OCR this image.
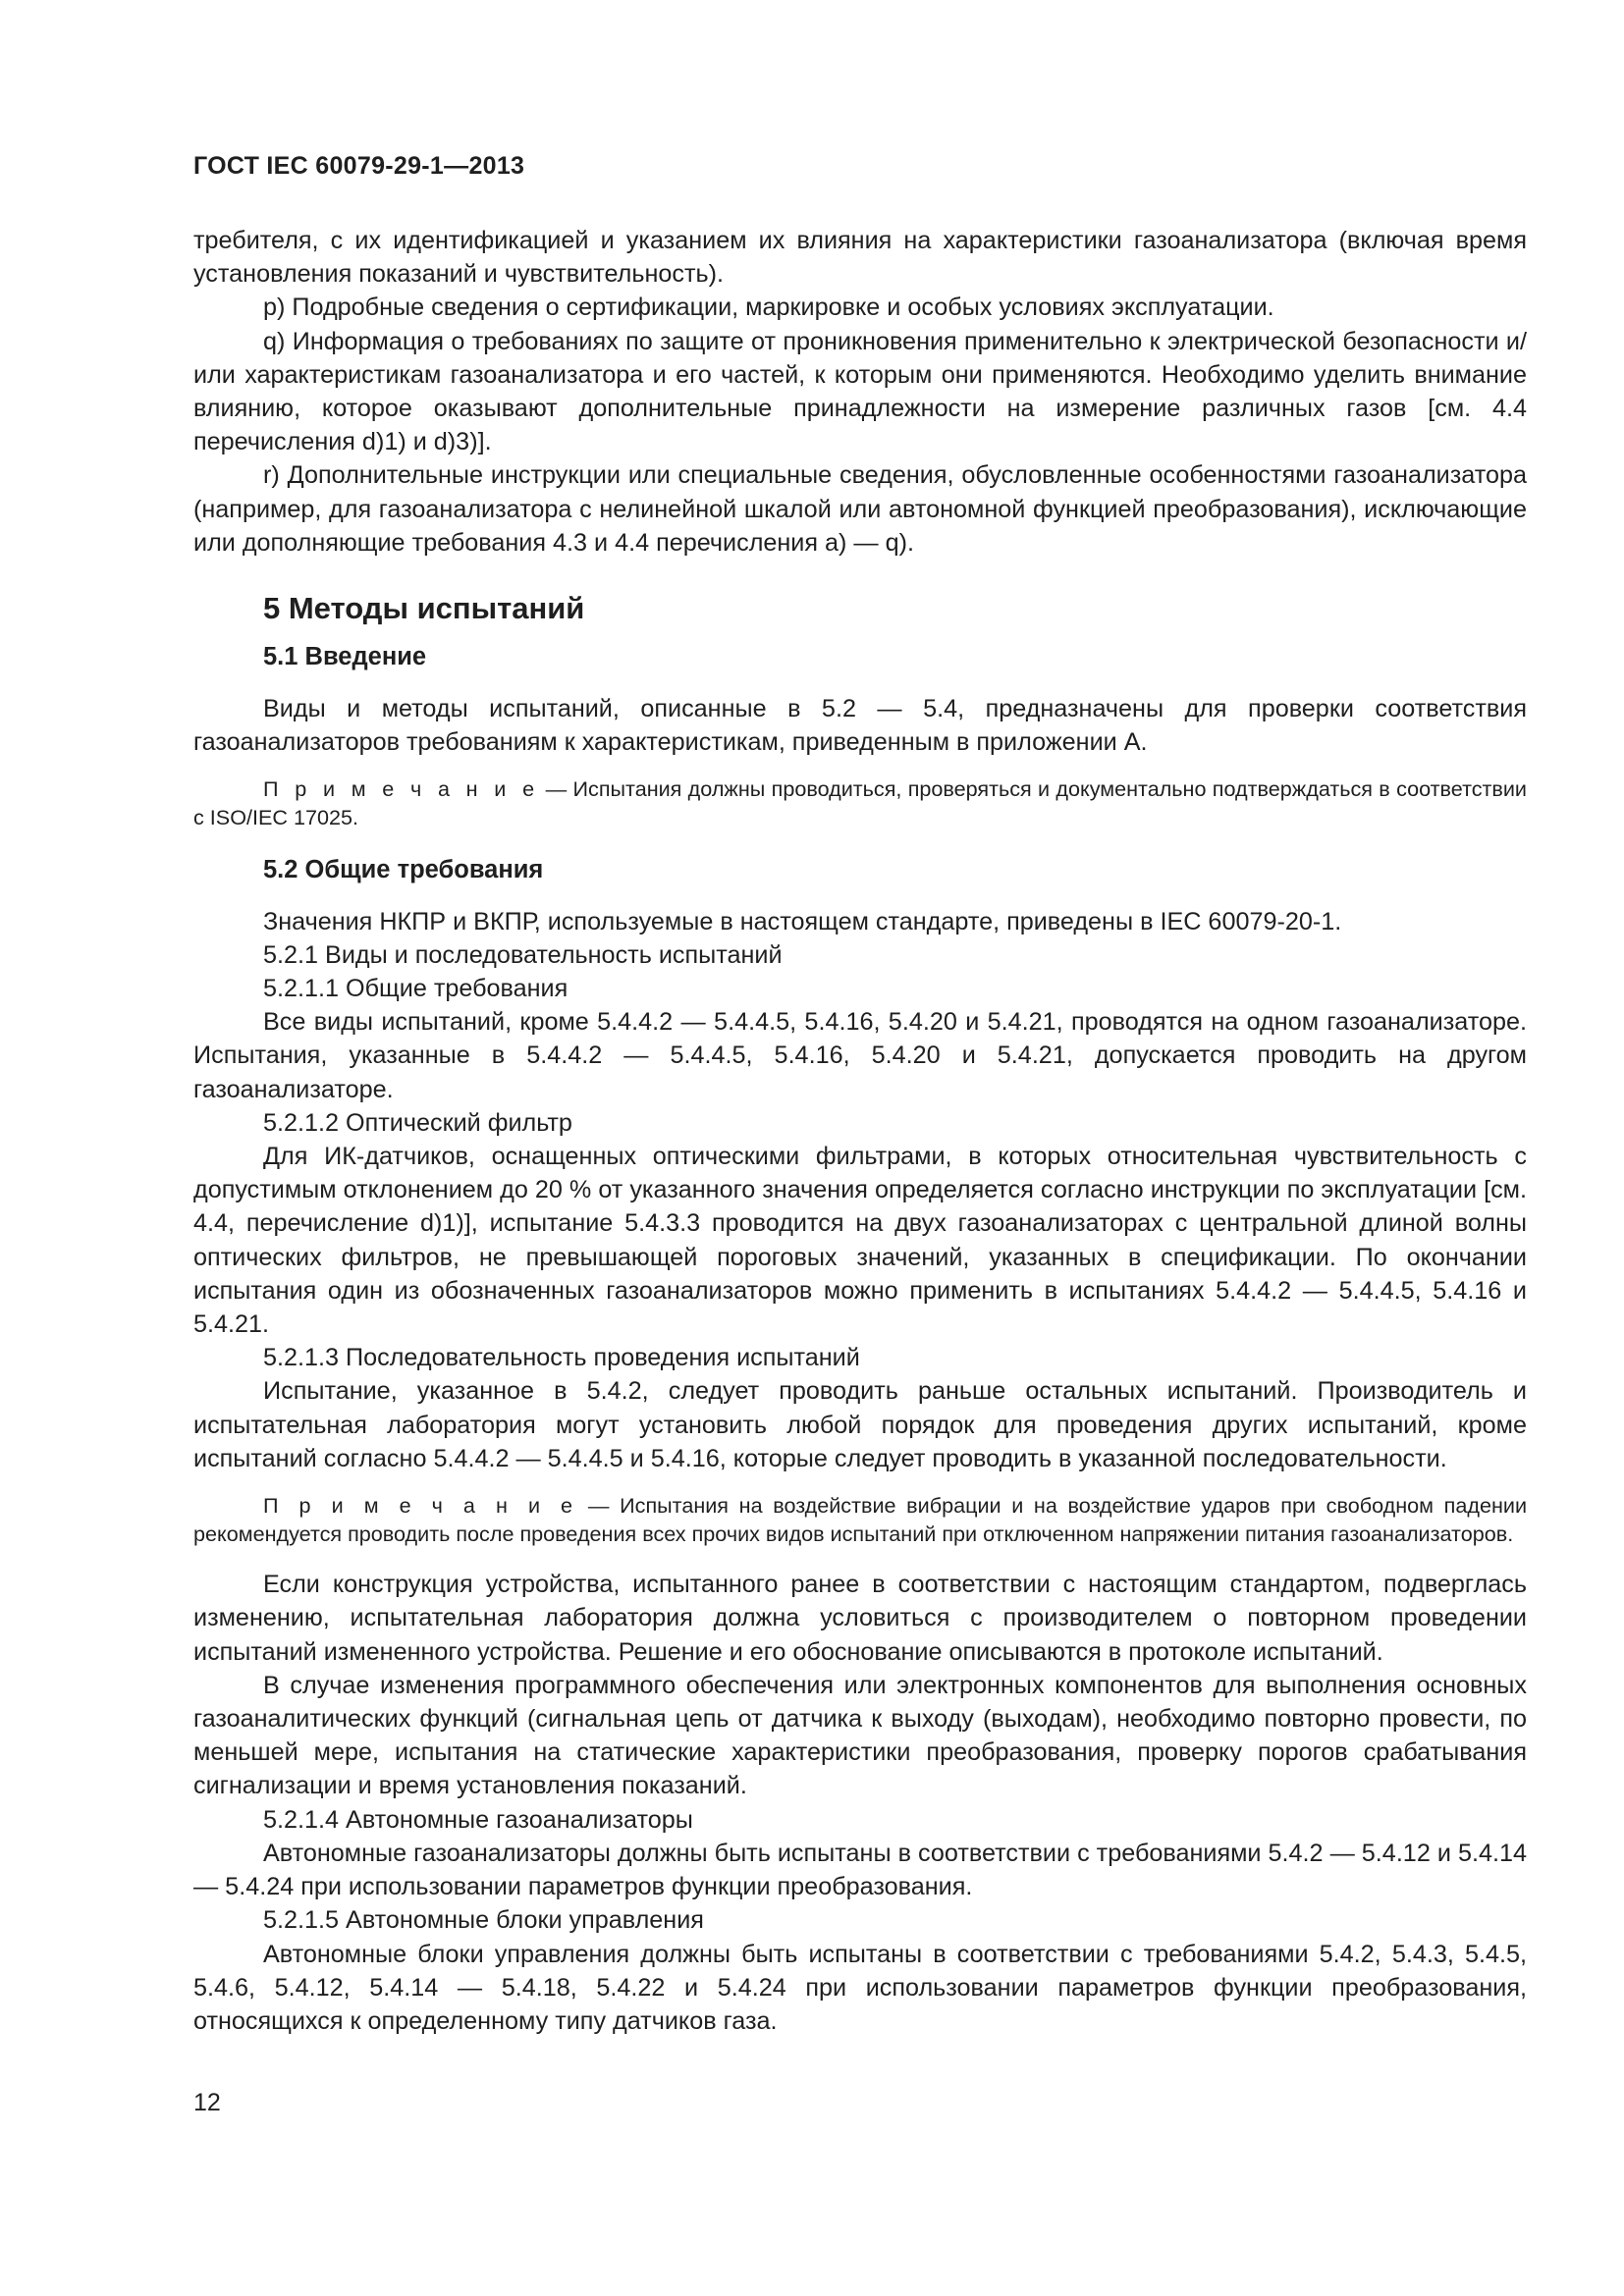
ГОСТ IEC 60079-29-1—2013

требителя, с их идентификацией и указанием их влияния на характеристики газоанализатора (включая время установления показаний и чувствительность).

p) Подробные сведения о сертификации, маркировке и особых условиях эксплуатации.

q) Информация о требованиях по защите от проникновения применительно к электрической безопасности и/или характеристикам газоанализатора и его частей, к которым они применяются. Необходимо уделить внимание влиянию, которое оказывают дополнительные принадлежности на измерение различных газов [см. 4.4 перечисления d)1) и d)3)].

r) Дополнительные инструкции или специальные сведения, обусловленные особенностями газоанализатора (например, для газоанализатора с нелинейной шкалой или автономной функцией преобразования), исключающие или дополняющие требования 4.3 и 4.4 перечисления a) — q).

5 Методы испытаний
5.1 Введение

Виды и методы испытаний, описанные в 5.2 — 5.4, предназначены для проверки соответствия газоанализаторов требованиям к характеристикам, приведенным в приложении А.

П р и м е ч а н и е — Испытания должны проводиться, проверяться и документально подтверждаться в соответствии с ISO/IEC 17025.
5.2 Общие требования

Значения НКПР и ВКПР, используемые в настоящем стандарте, приведены в IEC 60079-20-1.

5.2.1 Виды и последовательность испытаний

5.2.1.1 Общие требования

Все виды испытаний, кроме 5.4.4.2 — 5.4.4.5, 5.4.16, 5.4.20 и 5.4.21, проводятся на одном газоанализаторе. Испытания, указанные в 5.4.4.2 — 5.4.4.5, 5.4.16, 5.4.20 и 5.4.21, допускается проводить на другом газоанализаторе.

5.2.1.2 Оптический фильтр

Для ИК-датчиков, оснащенных оптическими фильтрами, в которых относительная чувствительность с допустимым отклонением до 20 % от указанного значения определяется согласно инструкции по эксплуатации [см. 4.4, перечисление d)1)], испытание 5.4.3.3 проводится на двух газоанализаторах с центральной длиной волны оптических фильтров, не превышающей пороговых значений, указанных в спецификации. По окончании испытания один из обозначенных газоанализаторов можно применить в испытаниях 5.4.4.2 — 5.4.4.5, 5.4.16 и 5.4.21.

5.2.1.3 Последовательность проведения испытаний

Испытание, указанное в 5.4.2, следует проводить раньше остальных испытаний. Производитель и испытательная лаборатория могут установить любой порядок для проведения других испытаний, кроме испытаний согласно 5.4.4.2 — 5.4.4.5 и 5.4.16, которые следует проводить в указанной последовательности.

П р и м е ч а н и е — Испытания на воздействие вибрации и на воздействие ударов при свободном падении рекомендуется проводить после проведения всех прочих видов испытаний при отключенном напряжении питания газоанализаторов.

Если конструкция устройства, испытанного ранее в соответствии с настоящим стандартом, подверглась изменению, испытательная лаборатория должна условиться с производителем о повторном проведении испытаний измененного устройства. Решение и его обоснование описываются в протоколе испытаний.

В случае изменения программного обеспечения или электронных компонентов для выполнения основных газоаналитических функций (сигнальная цепь от датчика к выходу (выходам), необходимо повторно провести, по меньшей мере, испытания на статические характеристики преобразования, проверку порогов срабатывания сигнализации и время установления показаний.

5.2.1.4 Автономные газоанализаторы

Автономные газоанализаторы должны быть испытаны в соответствии с требованиями 5.4.2 — 5.4.12 и 5.4.14 — 5.4.24 при использовании параметров функции преобразования.

5.2.1.5 Автономные блоки управления

Автономные блоки управления должны быть испытаны в соответствии с требованиями 5.4.2, 5.4.3, 5.4.5, 5.4.6, 5.4.12, 5.4.14 — 5.4.18, 5.4.22 и 5.4.24 при использовании параметров функции преобразования, относящихся к определенному типу датчиков газа.

12
